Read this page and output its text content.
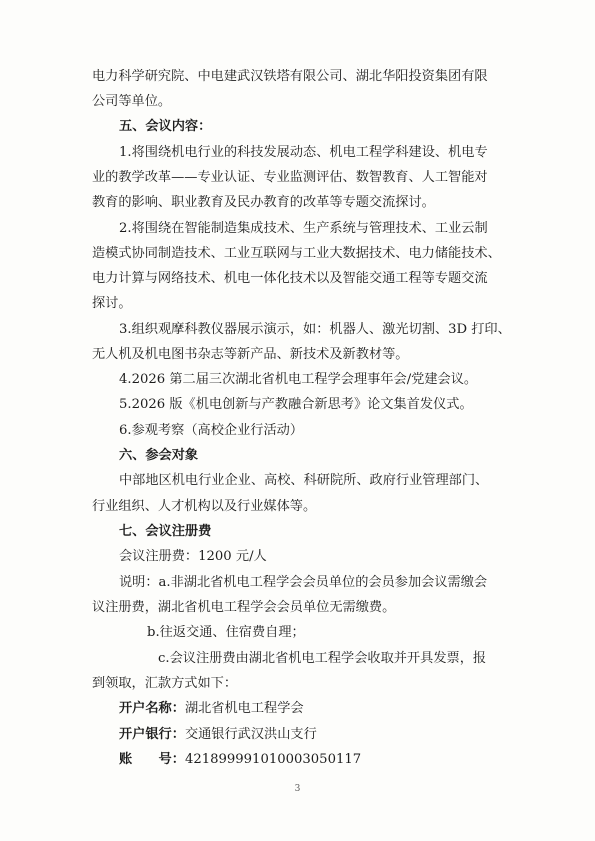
电力科学研究院、中电建武汉铁塔有限公司、湖北华阳投资集团有限
公司等单位。
五、会议内容：
1.将围绕机电行业的科技发展动态、机电工程学科建设、机电专
业的教学改革——专业认证、专业监测评估、数智教育、人工智能对
教育的影响、职业教育及民办教育的改革等专题交流探讨。
2.将围绕在智能制造集成技术、生产系统与管理技术、工业云制
造模式协同制造技术、工业互联网与工业大数据技术、电力储能技术、
电力计算与网络技术、机电一体化技术以及智能交通工程等专题交流
探讨。
3.组织观摩科教仪器展示演示，如：机器人、激光切割、3D 打印、
无人机及机电图书杂志等新产品、新技术及新教材等。
4.2026 第二届三次湖北省机电工程学会理事年会/党建会议。
5.2026 版《机电创新与产教融合新思考》论文集首发仪式。
6.参观考察（高校企业行活动）
六、参会对象
中部地区机电行业企业、高校、科研院所、政府行业管理部门、
行业组织、人才机构以及行业媒体等。
七、会议注册费
会议注册费：1200 元/人
说明：a.非湖北省机电工程学会会员单位的会员参加会议需缴会
议注册费，湖北省机电工程学会会员单位无需缴费。
b.往返交通、住宿费自理；
c.会议注册费由湖北省机电工程学会收取并开具发票，报
到领取，汇款方式如下：
开户名称：湖北省机电工程学会
开户银行：交通银行武汉洪山支行
账　　号：421899991010003050117
3
